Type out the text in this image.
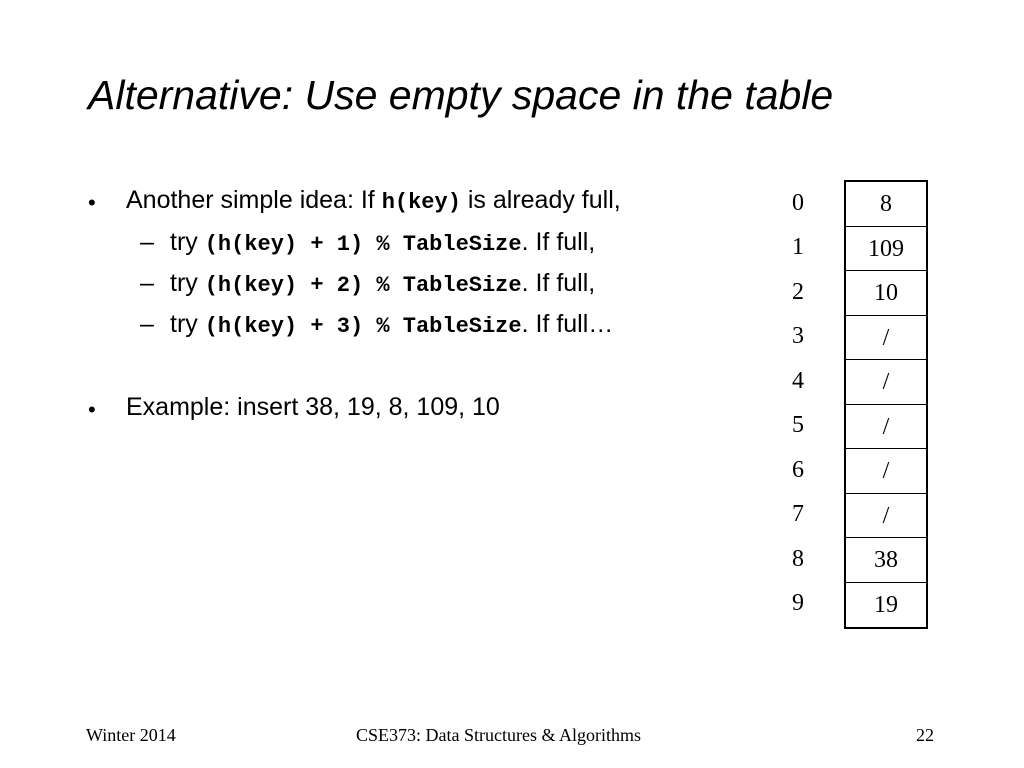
Alternative: Use empty space in the table
• Another simple idea: If h(key) is already full,
– try (h(key) + 1) % TableSize. If full,
– try (h(key) + 2) % TableSize. If full,
– try (h(key) + 3) % TableSize. If full…
• Example: insert 38, 19, 8, 109, 10
0
1
2
3
4
5
6
7
8
9
8
109
10
/
/
/
/
/
38
19
Winter 2014	CSE373: Data Structures & Algorithms	22
